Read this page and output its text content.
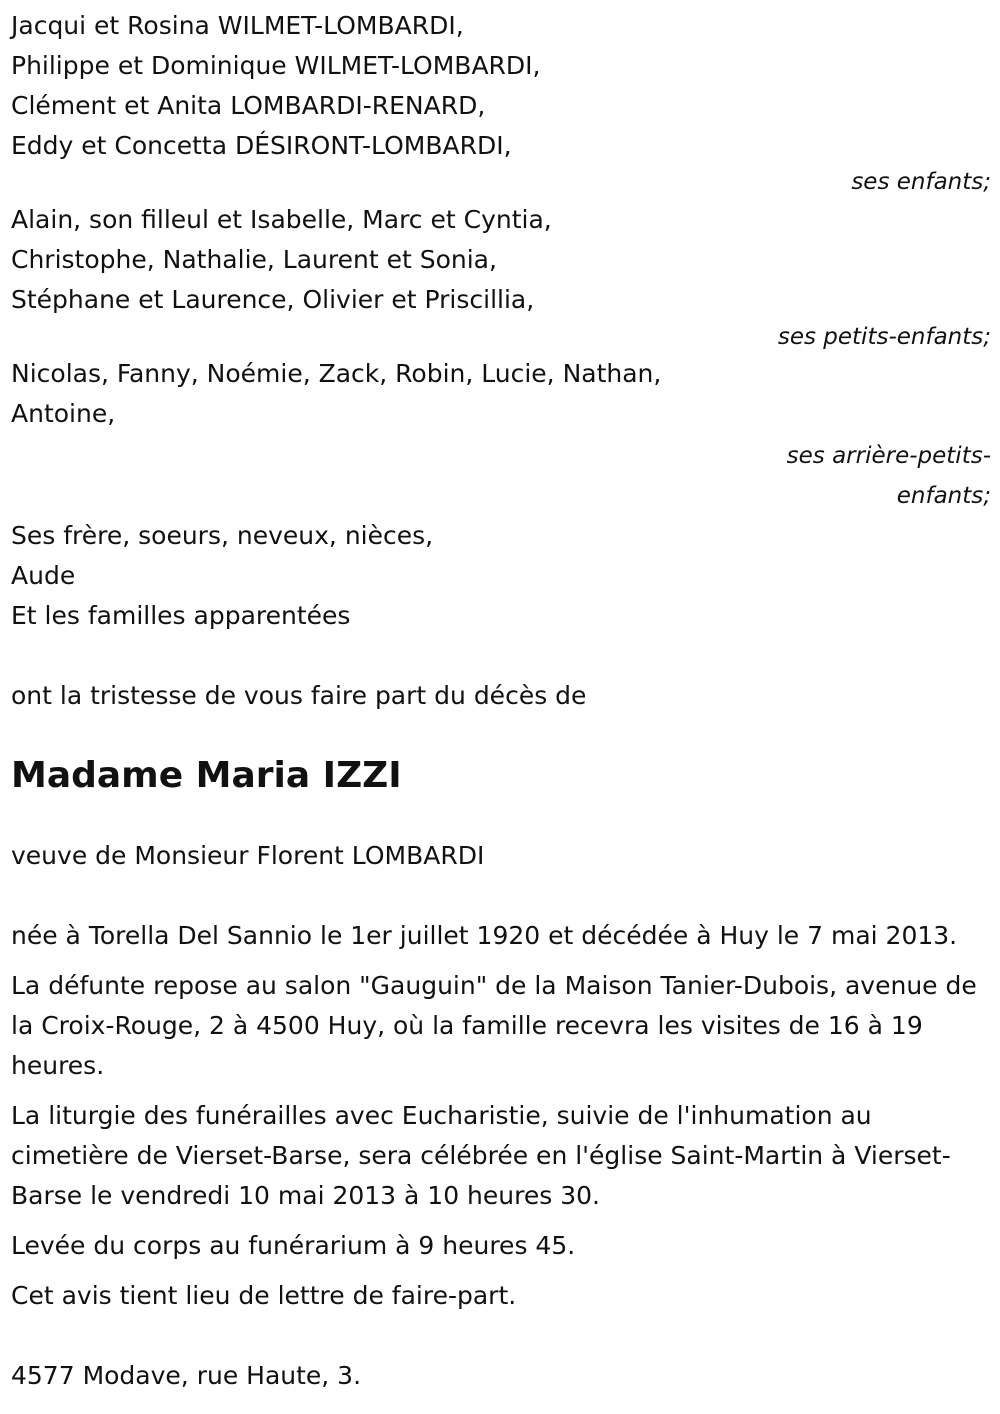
Jacqui et Rosina WILMET-LOMBARDI,

Philippe et Dominique WILMET-LOMBARDI,

Clément et Anita LOMBARDI-RENARD,

Eddy et Concetta DÉSIRONT-LOMBARDI,

ses enfants;

Alain, son filleul et Isabelle, Marc et Cyntia,

Christophe, Nathalie, Laurent et Sonia,

Stéphane et Laurence, Olivier et Priscillia,

ses petits-enfants;

Nicolas, Fanny, Noémie, Zack, Robin, Lucie, Nathan,

Antoine,

ses arrière-petits-

enfants;

Ses frère, soeurs, neveux, nièces,

Aude

Et les familles apparentées

ont la tristesse de vous faire part du décès de

Madame Maria IZZI

veuve de Monsieur Florent LOMBARDI

née à Torella Del Sannio le 1er juillet 1920 et décédée à Huy le 7 mai 2013.

La défunte repose au salon "Gauguin" de la Maison Tanier-Dubois, avenue de la Croix-Rouge, 2 à 4500 Huy, où la famille recevra les visites de 16 à 19 heures.

La liturgie des funérailles avec Eucharistie, suivie de l'inhumation au cimetière de Vierset-Barse, sera célébrée en l'église Saint-Martin à Vierset-Barse le vendredi 10 mai 2013 à 10 heures 30.

Levée du corps au funérarium à 9 heures 45.

Cet avis tient lieu de lettre de faire-part.

4577 Modave, rue Haute, 3.
